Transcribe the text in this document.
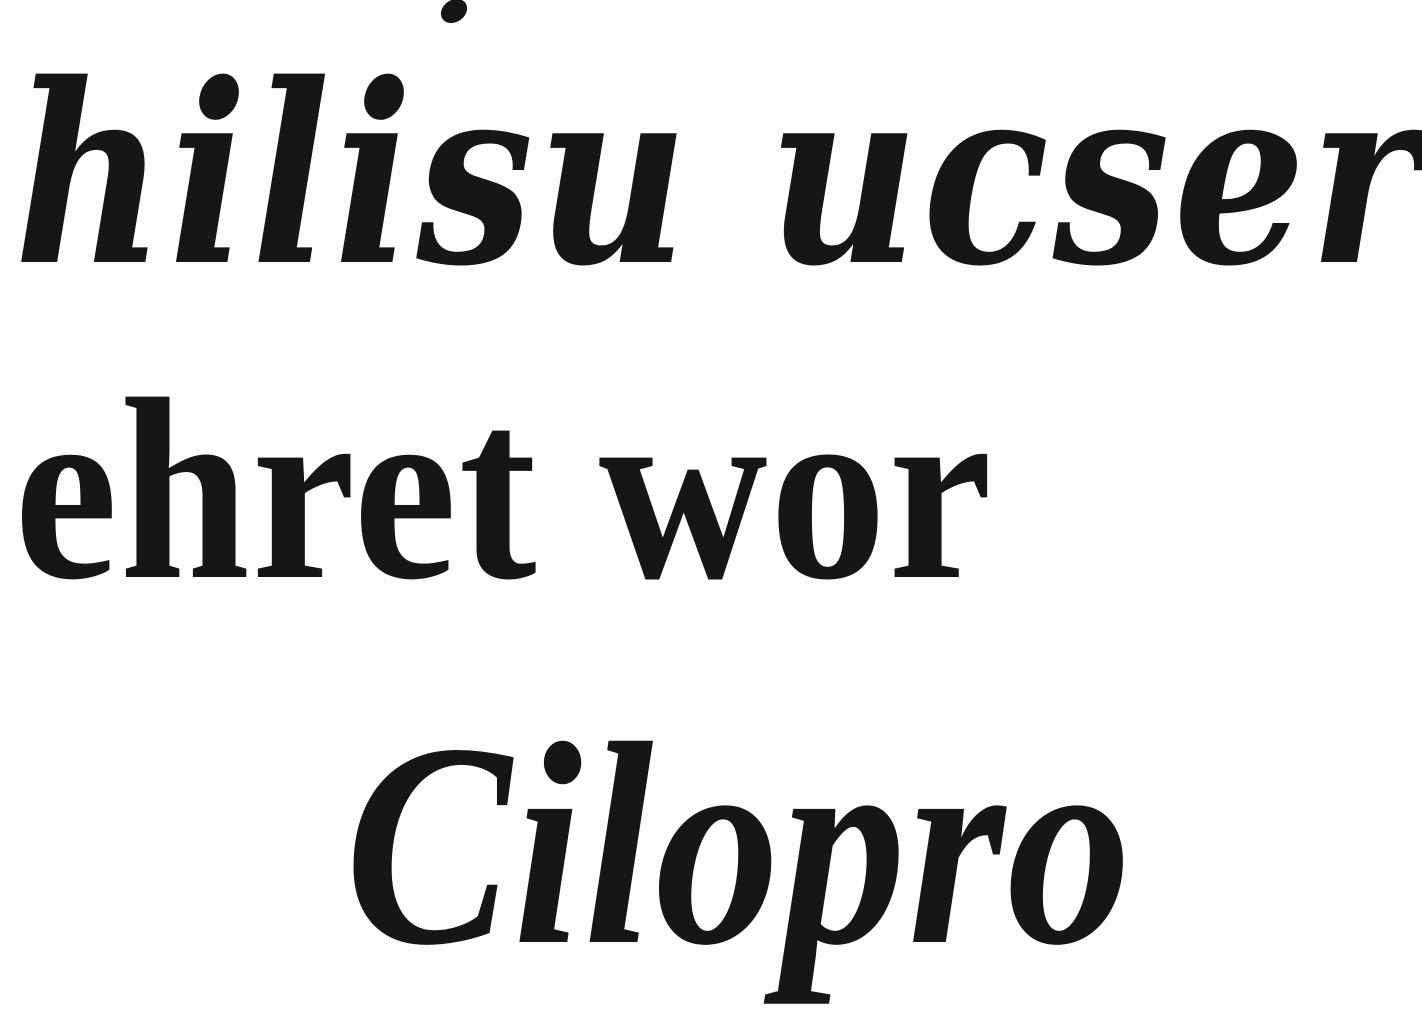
hilisu ucser
ehret wor
Cilopro
